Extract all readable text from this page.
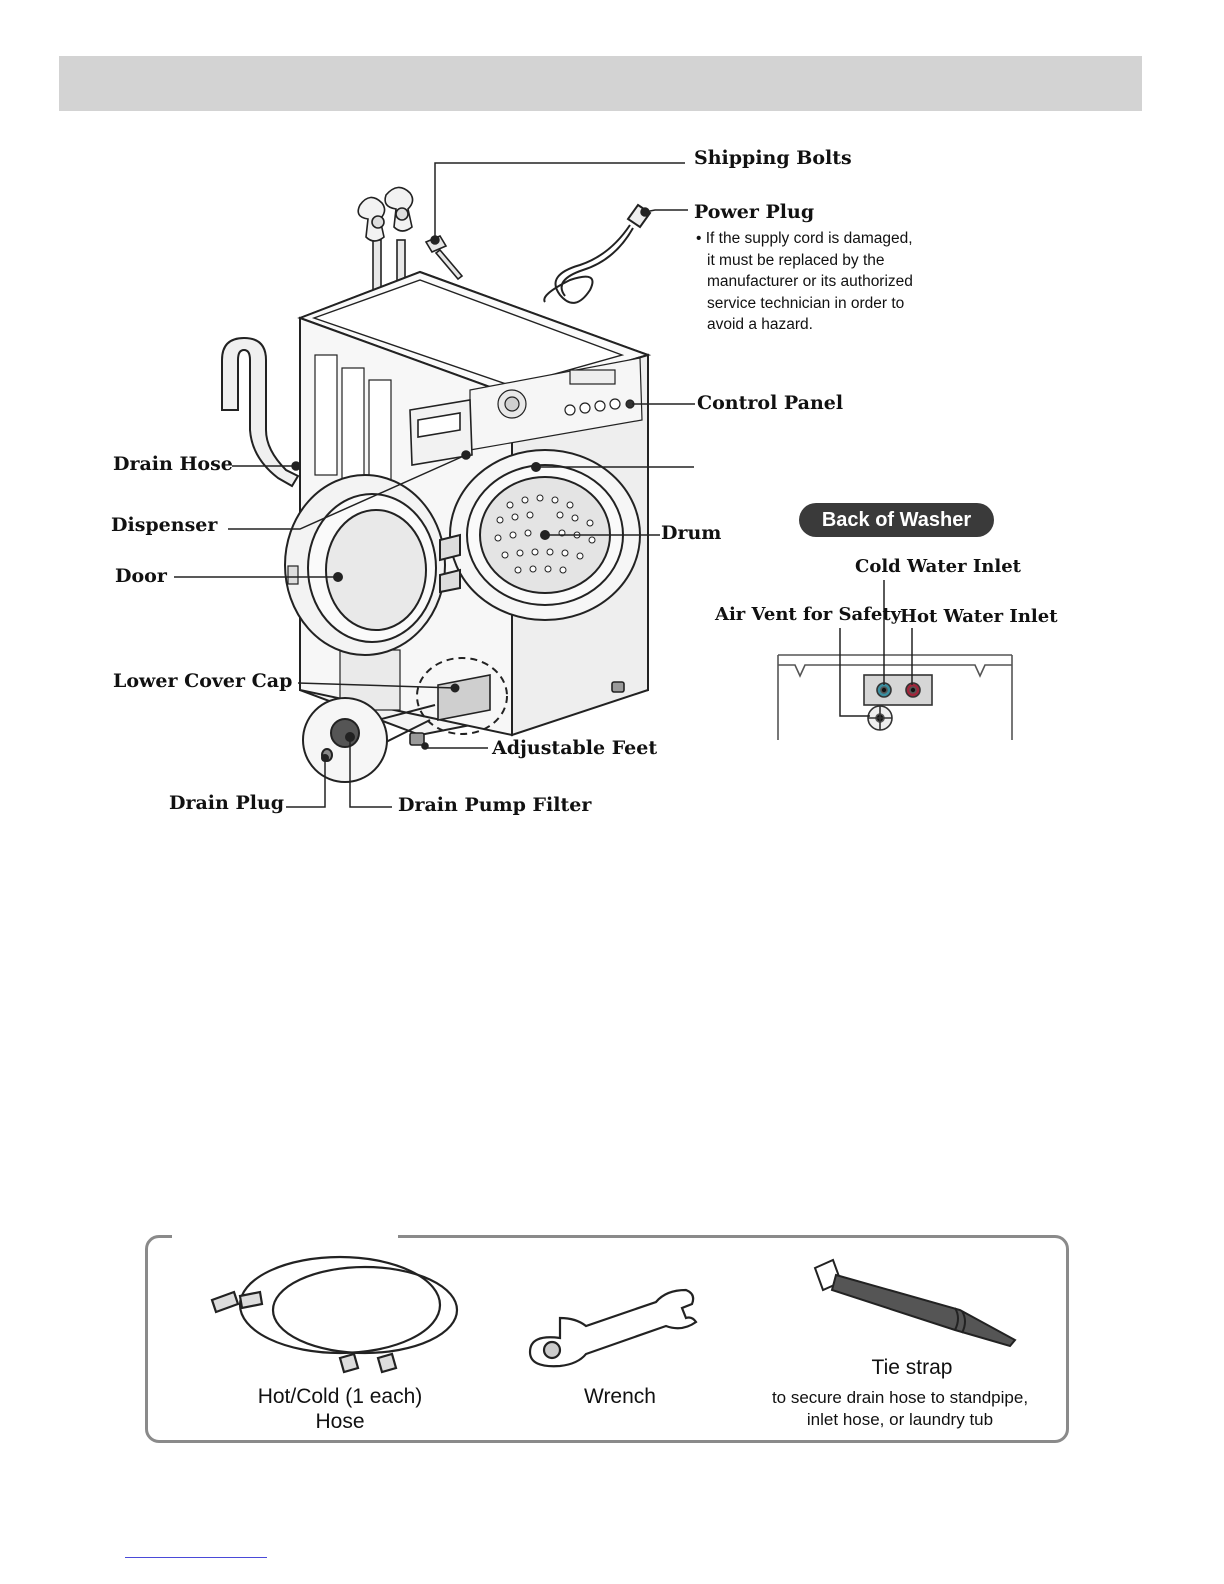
Shipping Bolts
Power Plug
• If the supply cord is damaged,
it must be replaced by the
manufacturer or its authorized
service technician in order to
avoid a hazard.
Control Panel
Drain Hose
Dispenser	Drum
Door
Lower Cover Cap
Adjustable Feet
Drain Plug	Drain Pump Filter
Back of Washer
Cold Water Inlet
Air Vent for Safety
Hot Water Inlet
Hot/Cold (1 each)
Hose
Wrench
Tie strap
to secure drain hose to standpipe,
inlet hose, or laundry tub
